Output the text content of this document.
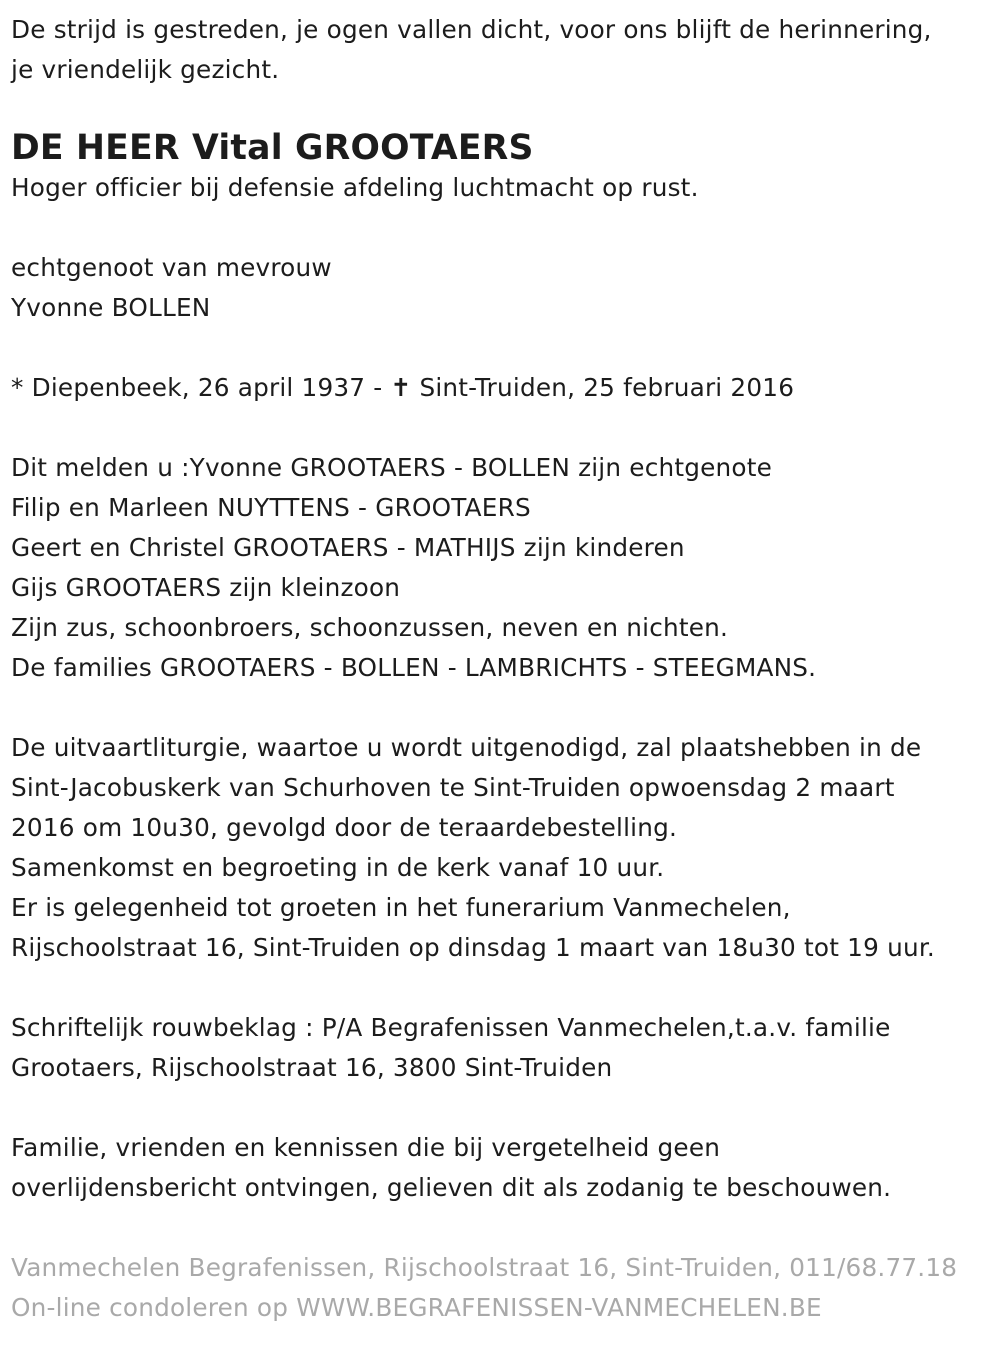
De strijd is gestreden, je ogen vallen dicht, voor ons blijft de herinnering,
je vriendelijk gezicht.
DE HEER Vital GROOTAERS
Hoger officier bij defensie afdeling luchtmacht op rust.
echtgenoot van mevrouw
Yvonne BOLLEN
* Diepenbeek, 26 april 1937 - ✝ Sint-Truiden, 25 februari 2016
Dit melden u :Yvonne GROOTAERS - BOLLEN zijn echtgenote
Filip en Marleen NUYTTENS - GROOTAERS
Geert en Christel GROOTAERS - MATHIJS zijn kinderen
Gijs GROOTAERS zijn kleinzoon
Zijn zus, schoonbroers, schoonzussen, neven en nichten.
De families GROOTAERS - BOLLEN - LAMBRICHTS - STEEGMANS.
De uitvaartliturgie, waartoe u wordt uitgenodigd, zal plaatshebben in de
Sint-Jacobuskerk van Schurhoven te Sint-Truiden opwoensdag 2 maart
2016 om 10u30, gevolgd door de teraardebestelling.
Samenkomst en begroeting in de kerk vanaf 10 uur.
Er is gelegenheid tot groeten in het funerarium Vanmechelen,
Rijschoolstraat 16, Sint-Truiden op dinsdag 1 maart van 18u30 tot 19 uur.
Schriftelijk rouwbeklag : P/A Begrafenissen Vanmechelen,t.a.v. familie
Grootaers, Rijschoolstraat 16, 3800 Sint-Truiden
Familie, vrienden en kennissen die bij vergetelheid geen
overlijdensbericht ontvingen, gelieven dit als zodanig te beschouwen.
Vanmechelen Begrafenissen, Rijschoolstraat 16, Sint-Truiden, 011/68.77.18
On-line condoleren op WWW.BEGRAFENISSEN-VANMECHELEN.BE
